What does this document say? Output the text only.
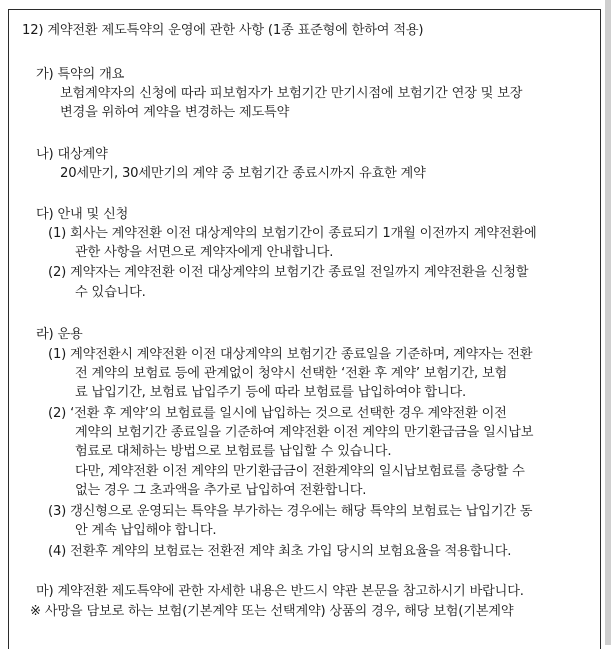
12) 계약전환 제도특약의 운영에 관한 사항 (1종 표준형에 한하여 적용)
가) 특약의 개요
보험계약자의 신청에 따라 피보험자가 보험기간 만기시점에 보험기간 연장 및 보장
변경을 위하여 계약을 변경하는 제도특약
나) 대상계약
20세만기, 30세만기의 계약 중 보험기간 종료시까지 유효한 계약
다) 안내 및 신청
(1) 회사는 계약전환 이전 대상계약의 보험기간이 종료되기 1개월 이전까지 계약전환에
관한 사항을 서면으로 계약자에게 안내합니다.
(2) 계약자는 계약전환 이전 대상계약의 보험기간 종료일 전일까지 계약전환을 신청할
수 있습니다.
라) 운용
(1) 계약전환시 계약전환 이전 대상계약의 보험기간 종료일을 기준하며, 계약자는 전환
전 계약의 보험료 등에 관계없이 청약시 선택한 ‘전환 후 계약’ 보험기간, 보험
료 납입기간, 보험료 납입주기 등에 따라 보험료를 납입하여야 합니다.
(2) ‘전환 후 계약’의 보험료를 일시에 납입하는 것으로 선택한 경우 계약전환 이전
계약의 보험기간 종료일을 기준하여 계약전환 이전 계약의 만기환급금을 일시납보
험료로 대체하는 방법으로 보험료를 납입할 수 있습니다.
다만, 계약전환 이전 계약의 만기환급금이 전환계약의 일시납보험료를 충당할 수
없는 경우 그 초과액을 추가로 납입하여 전환합니다.
(3) 갱신형으로 운영되는 특약을 부가하는 경우에는 해당 특약의 보험료는 납입기간 동
안 계속 납입해야 합니다.
(4) 전환후 계약의 보험료는 전환전 계약 최초 가입 당시의 보험요율을 적용합니다.
마) 계약전환 제도특약에 관한 자세한 내용은 반드시 약관 본문을 참고하시기 바랍니다.
※ 사망을 담보로 하는 보험(기본계약 또는 선택계약) 상품의 경우, 해당 보험(기본계약
